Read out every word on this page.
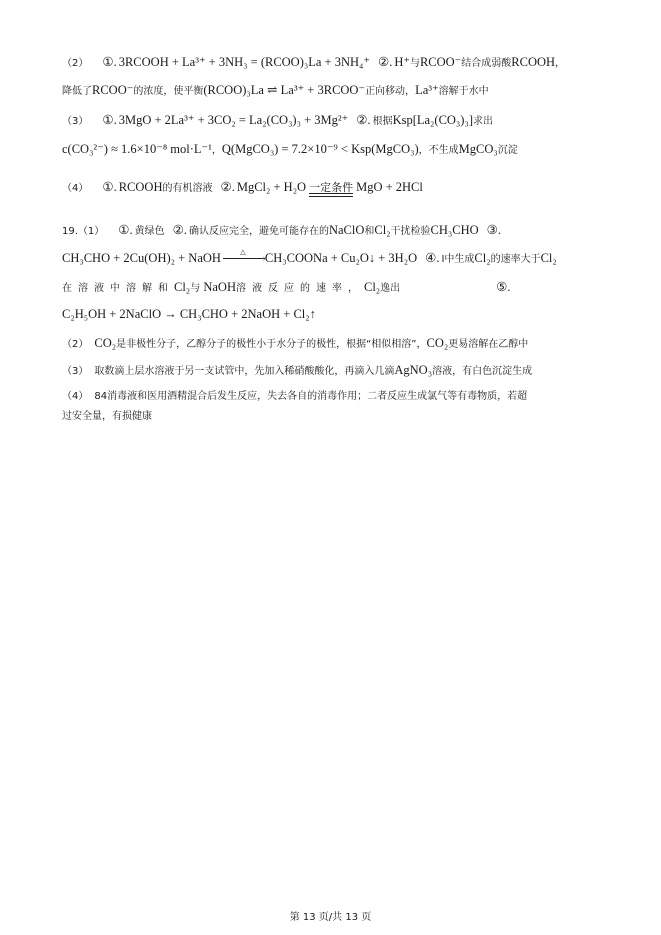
（2） ①. 3RCOOH + La³⁺ + 3NH₃ = (RCOO)₃La + 3NH₄⁺ ②. H⁺与RCOO⁻结合成弱酸RCOOH，
降低了RCOO⁻的浓度，使平衡(RCOO)₃La ⇌ La³⁺ + 3RCOO⁻正向移动，La³⁺溶解于水中
（3） ①. 3MgO + 2La³⁺ + 3CO₂ = La₂(CO₃)₃ + 3Mg²⁺ ②. 根据Ksp[La₂(CO₃)₃]求出
c(CO₃²⁻) ≈ 1.6×10⁻⁸ mol·L⁻¹，Q(MgCO₃) = 7.2×10⁻⁹ < Ksp(MgCO₃)，不生成MgCO₃沉淀
（4） ①. RCOOH的有机溶液 ②. MgCl₂ + H₂O 一定条件 MgO + 2HCl
19.（1） ①. 黄绿色 ②. 确认反应完全，避免可能存在的NaClO和Cl₂干扰检验CH₃CHO ③.
CH₃CHO + 2Cu(OH)₂ + NaOH	△
→CH₃COONa + Cu₂O↓ + 3H₂O ④. I中生成Cl₂的速率大于Cl₂
在溶液中溶解和Cl₂与 NaOH溶液反应的速率，Cl₂逸出	⑤.
C₂H₅OH + 2NaClO → CH₃CHO + 2NaOH + Cl₂↑
（2） CO₂是非极性分子，乙醇分子的极性小于水分子的极性，根据“相似相溶”，CO₂更易溶解在乙醇中
（3） 取数滴上层水溶液于另一支试管中，先加入稀硝酸酸化，再滴入几滴AgNO₃溶液，有白色沉淀生成
（4） 84消毒液和医用酒精混合后发生反应，失去各自的消毒作用；二者反应生成氯气等有毒物质，若超
过安全量，有损健康
第 13 页/共 13 页
